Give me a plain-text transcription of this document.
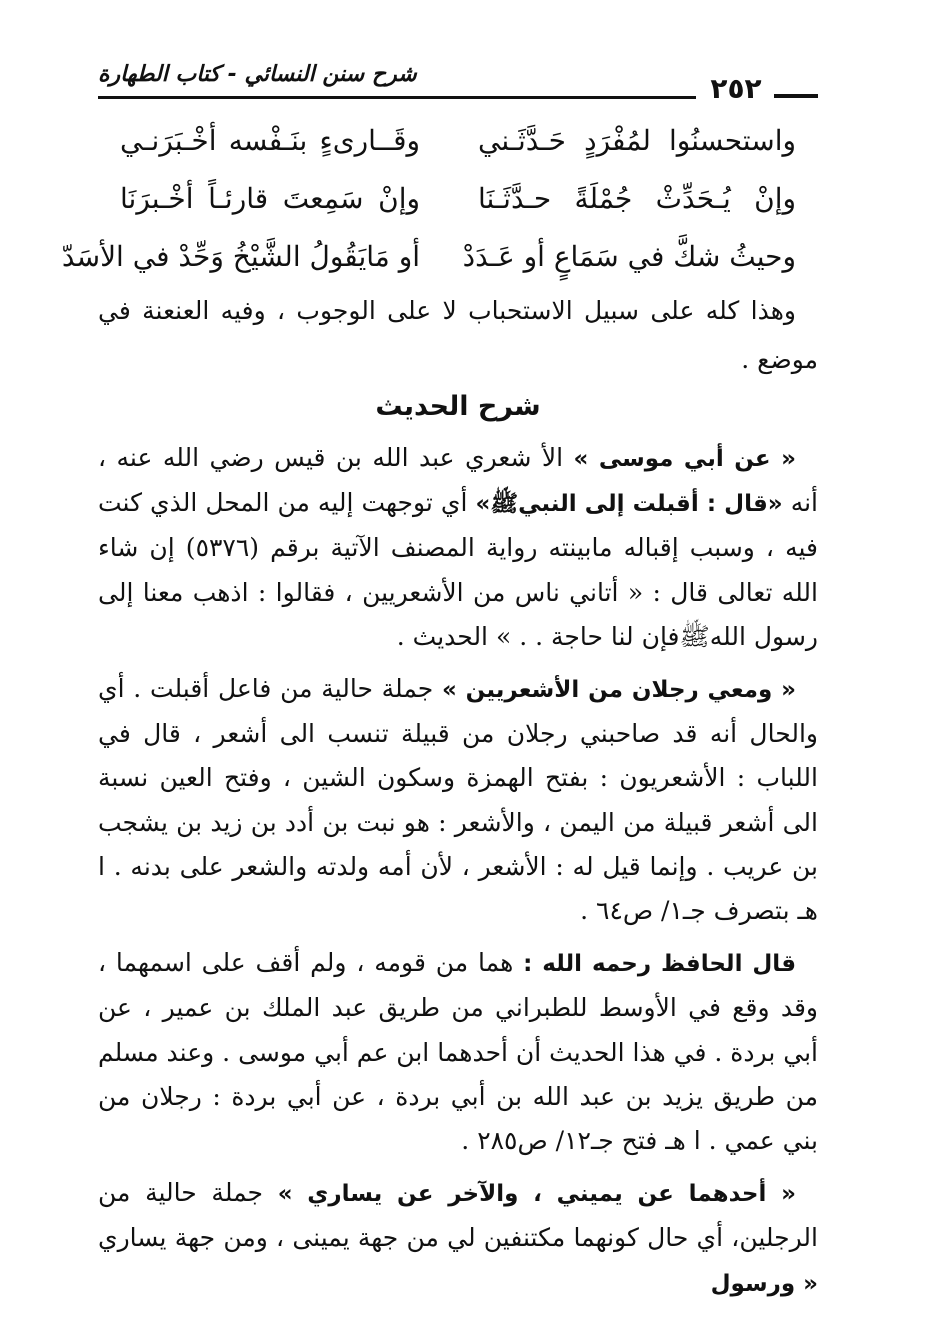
شرح سنن النسائي - كتاب الطهارة	٢٥٢
واستحسنُوا لمُفْرَدٍ حَـدَّثَـني
وقَــارىءٍ بنَـفْسه أخْـبَرَنـي
وإنْ يُـحَدِّثْ جُمْلَةً حـدَّثَـنَا
وإنْ سَمِعتَ قارئـاً أخْـبرَنَا
وحيثُ شكَّ في سَمَاعٍ أو عَـدَدْ
أو مَايَقُولُ الشَّيْخُ وَحِّدْ في الأسَدّ

وهذا كله على سبيل الاستحباب لا على الوجوب ، وفيه العنعنة في موضع .

شرح الحديث

« عن أبي موسى » الأ شعري عبد الله بن قيس رضي الله عنه ، أنه «قال : أقبلت إلى النبيﷺ» أي توجهت إليه من المحل الذي كنت فيه ، وسبب إقباله مابينته رواية المصنف الآتية برقم (٥٣٧٦) إن شاء الله تعالى قال : « أتاني ناس من الأشعريين ، فقالوا : اذهب معنا إلى رسول اللهﷺفإن لنا حاجة . . » الحديث .

« ومعي رجلان من الأشعريين » جملة حالية من فاعل أقبلت . أي والحال أنه قد صاحبني رجلان من قبيلة تنسب الى أشعر ، قال في اللباب : الأشعريون : بفتح الهمزة وسكون الشين ، وفتح العين نسبة الى أشعر قبيلة من اليمن ، والأشعر : هو نبت بن أدد بن زيد بن يشجب بن عريب . وإنما قيل له : الأشعر ، لأن أمه ولدته والشعر على بدنه . ا هـ بتصرف جـ١/ ص٦٤ .

قال الحافظ رحمه الله : هما من قومه ، ولم أقف على اسمهما ، وقد وقع في الأوسط للطبراني من طريق عبد الملك بن عمير ، عن أبي بردة . في هذا الحديث أن أحدهما ابن عم أبي موسى . وعند مسلم من طريق يزيد بن عبد الله بن أبي بردة ، عن أبي بردة : رجلان من بني عمي . ا هـ فتح جـ١٢/ ص٢٨٥ .

« أحدهما عن يميني ، والآخر عن يساري » جملة حالية من الرجلين، أي حال كونهما مكتنفين لي من جهة يمينى ، ومن جهة يساري « ورسول
